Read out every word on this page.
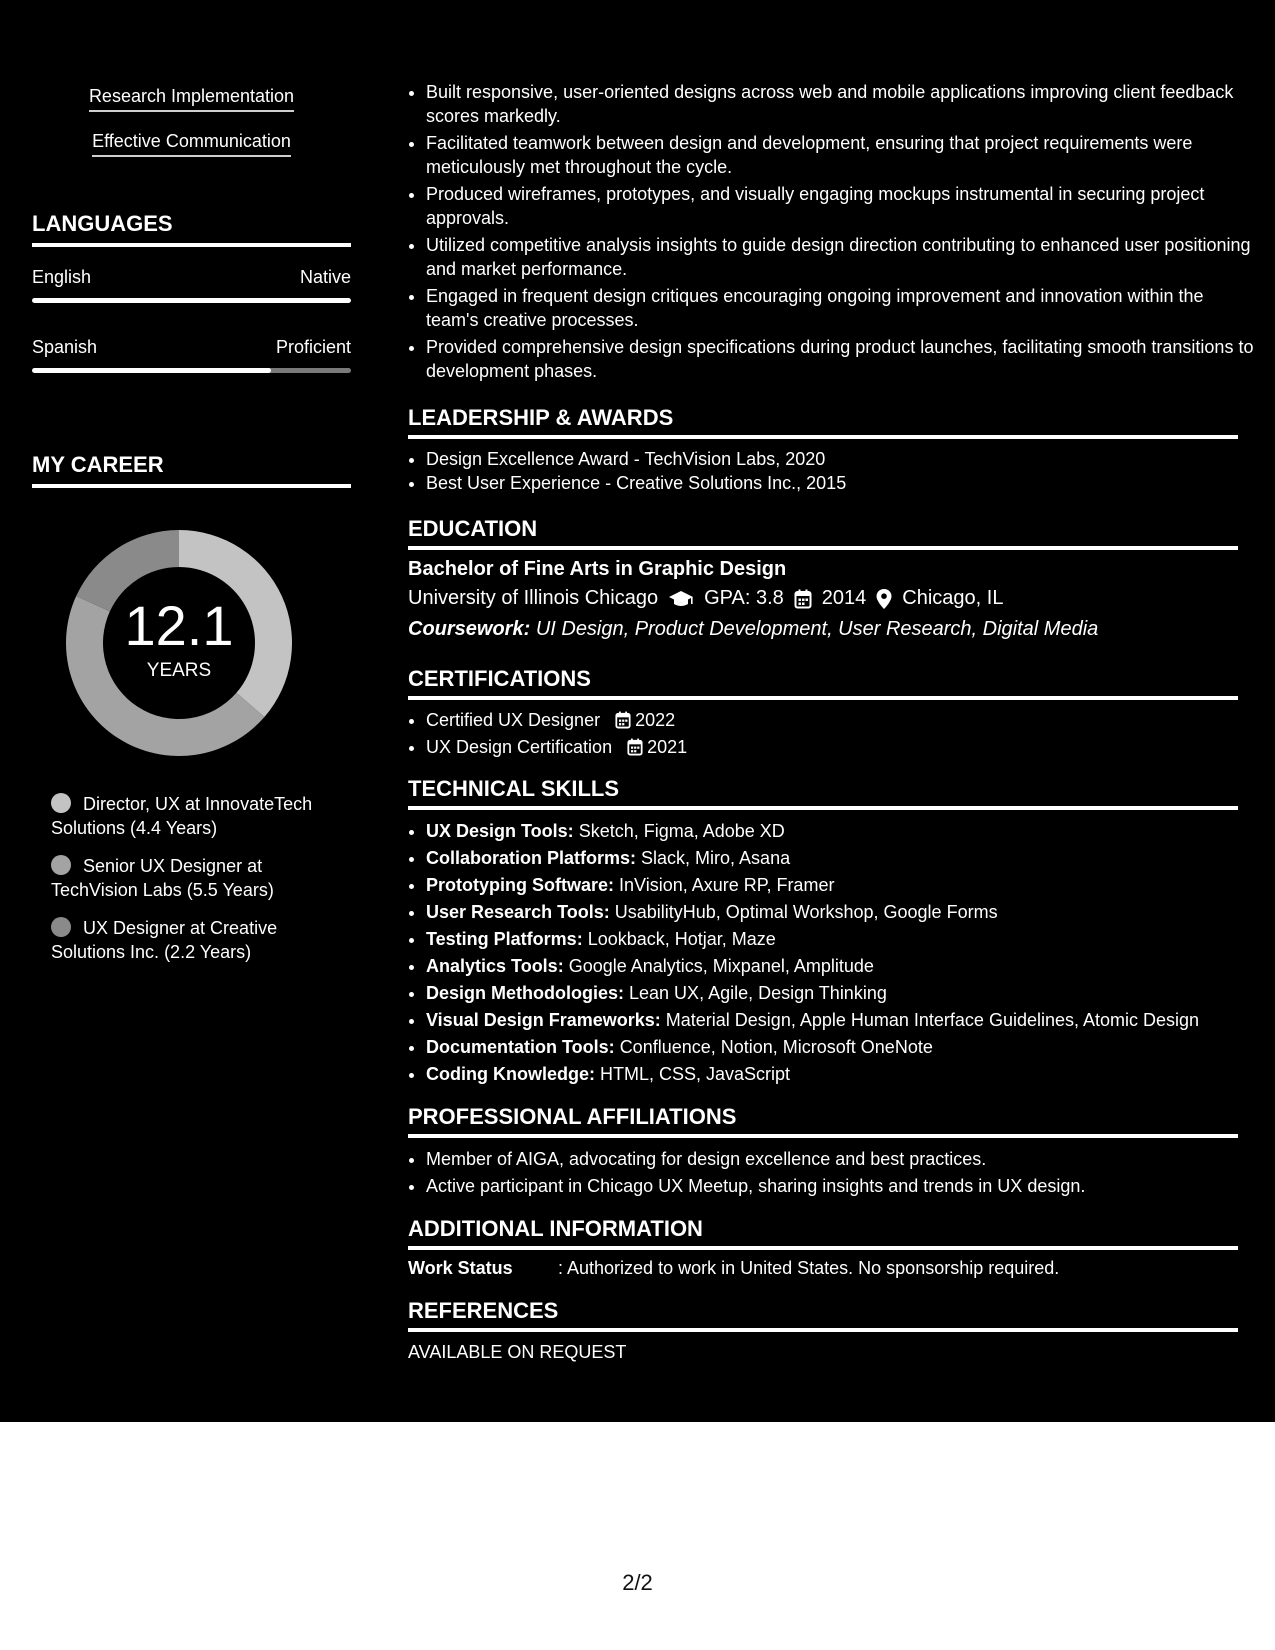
Research Implementation
Effective Communication
LANGUAGES
English	Native
Spanish	Proficient
MY CAREER
12.1
YEARS
Director, UX at InnovateTech Solutions (4.4 Years)
Senior UX Designer at TechVision Labs (5.5 Years)
UX Designer at Creative Solutions Inc. (2.2 Years)
• Built responsive, user-oriented designs across web and mobile applications improving client feedback scores markedly.
• Facilitated teamwork between design and development, ensuring that project requirements were meticulously met throughout the cycle.
• Produced wireframes, prototypes, and visually engaging mockups instrumental in securing project approvals.
• Utilized competitive analysis insights to guide design direction contributing to enhanced user positioning and market performance.
• Engaged in frequent design critiques encouraging ongoing improvement and innovation within the team's creative processes.
• Provided comprehensive design specifications during product launches, facilitating smooth transitions to development phases.
LEADERSHIP & AWARDS
• Design Excellence Award - TechVision Labs, 2020
• Best User Experience - Creative Solutions Inc., 2015
EDUCATION
Bachelor of Fine Arts in Graphic Design
University of Illinois Chicago GPA: 3.8 2014 Chicago, IL
Coursework: UI Design, Product Development, User Research, Digital Media
CERTIFICATIONS
• Certified UX Designer 2022
• UX Design Certification 2021
TECHNICAL SKILLS
• UX Design Tools: Sketch, Figma, Adobe XD
• Collaboration Platforms: Slack, Miro, Asana
• Prototyping Software: InVision, Axure RP, Framer
• User Research Tools: UsabilityHub, Optimal Workshop, Google Forms
• Testing Platforms: Lookback, Hotjar, Maze
• Analytics Tools: Google Analytics, Mixpanel, Amplitude
• Design Methodologies: Lean UX, Agile, Design Thinking
• Visual Design Frameworks: Material Design, Apple Human Interface Guidelines, Atomic Design
• Documentation Tools: Confluence, Notion, Microsoft OneNote
• Coding Knowledge: HTML, CSS, JavaScript
PROFESSIONAL AFFILIATIONS
• Member of AIGA, advocating for design excellence and best practices.
• Active participant in Chicago UX Meetup, sharing insights and trends in UX design.
ADDITIONAL INFORMATION
Work Status	: Authorized to work in United States. No sponsorship required.
REFERENCES
AVAILABLE ON REQUEST
2/2
